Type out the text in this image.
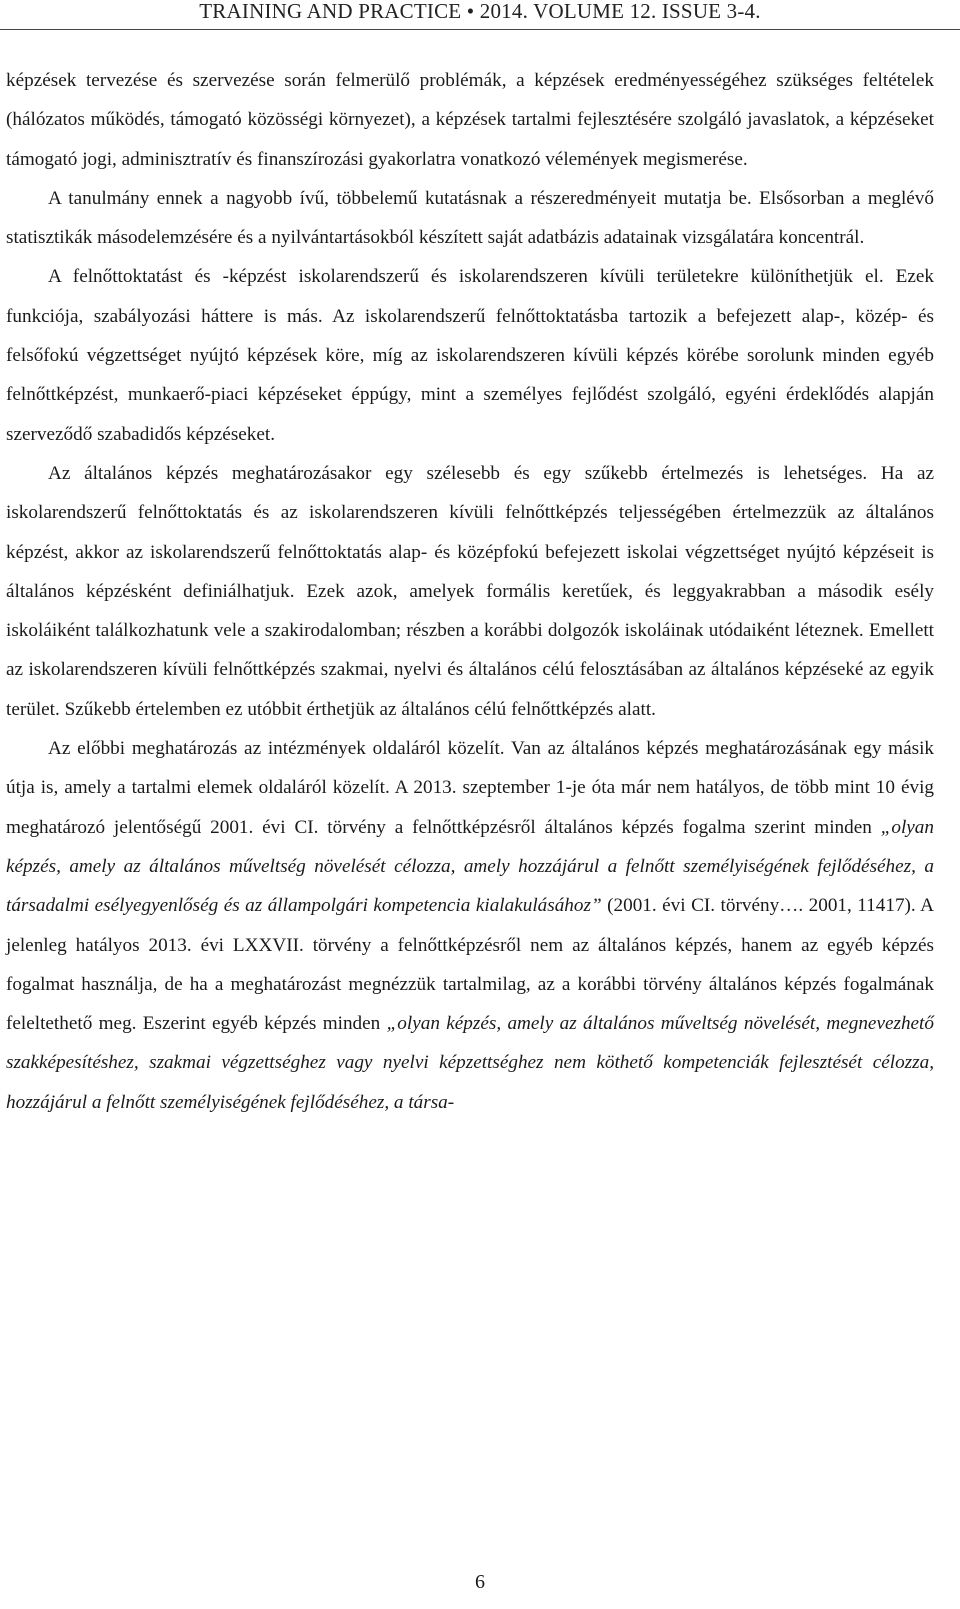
TRAINING AND PRACTICE • 2014. VOLUME 12. ISSUE 3-4.

képzések tervezése és szervezése során felmerülő problémák, a képzések eredményességéhez szükséges feltételek (hálózatos működés, támogató közösségi környezet), a képzések tartalmi fejlesztésére szolgáló javaslatok, a képzéseket támogató jogi, adminisztratív és finanszírozási gyakorlatra vonatkozó vélemények megismerése.

A tanulmány ennek a nagyobb ívű, többelemű kutatásnak a részeredményeit mutatja be. Elsősorban a meglévő statisztikák másodelemzésére és a nyilvántartásokból készített saját adatbázis adatainak vizsgálatára koncentrál.

A felnőttoktatást és -képzést iskolarendszerű és iskolarendszeren kívüli területekre különíthetjük el. Ezek funkciója, szabályozási háttere is más. Az iskolarendszerű felnőttoktatásba tartozik a befejezett alap-, közép- és felsőfokú végzettséget nyújtó képzések köre, míg az iskolarendszeren kívüli képzés körébe sorolunk minden egyéb felnőttképzést, munkaerő-piaci képzéseket éppúgy, mint a személyes fejlődést szolgáló, egyéni érdeklődés alapján szerveződő szabadidős képzéseket.

Az általános képzés meghatározásakor egy szélesebb és egy szűkebb értelmezés is lehetséges. Ha az iskolarendszerű felnőttoktatás és az iskolarendszeren kívüli felnőttképzés teljességében értelmezzük az általános képzést, akkor az iskolarendszerű felnőttoktatás alap- és középfokú befejezett iskolai végzettséget nyújtó képzéseit is általános képzésként definiálhatjuk. Ezek azok, amelyek formális keretűek, és leggyakrabban a második esély iskoláiként találkozhatunk vele a szakirodalomban; részben a korábbi dolgozók iskoláinak utódaiként léteznek. Emellett az iskolarendszeren kívüli felnőttképzés szakmai, nyelvi és általános célú felosztásában az általános képzéseké az egyik terület. Szűkebb értelemben ez utóbbit érthetjük az általános célú felnőttképzés alatt.

Az előbbi meghatározás az intézmények oldaláról közelít. Van az általános képzés meghatározásának egy másik útja is, amely a tartalmi elemek oldaláról közelít. A 2013. szeptember 1-je óta már nem hatályos, de több mint 10 évig meghatározó jelentőségű 2001. évi CI. törvény a felnőttképzésről általános képzés fogalma szerint minden „olyan képzés, amely az általános műveltség növelését célozza, amely hozzájárul a felnőtt személyiségének fejlődéséhez, a társadalmi esélyegyenlőség és az állampolgári kompetencia kialakulásához” (2001. évi CI. törvény…. 2001, 11417). A jelenleg hatályos 2013. évi LXXVII. törvény a felnőttképzésről nem az általános képzés, hanem az egyéb képzés fogalmat használja, de ha a meghatározást megnézzük tartalmilag, az a korábbi törvény általános képzés fogalmának feleltethető meg. Eszerint egyéb képzés minden „olyan képzés, amely az általános műveltség növelését, megnevezhető szakképesítéshez, szakmai végzettséghez vagy nyelvi képzettséghez nem köthető kompetenciák fejlesztését célozza, hozzájárul a felnőtt személyiségének fejlődéséhez, a társa-

6
